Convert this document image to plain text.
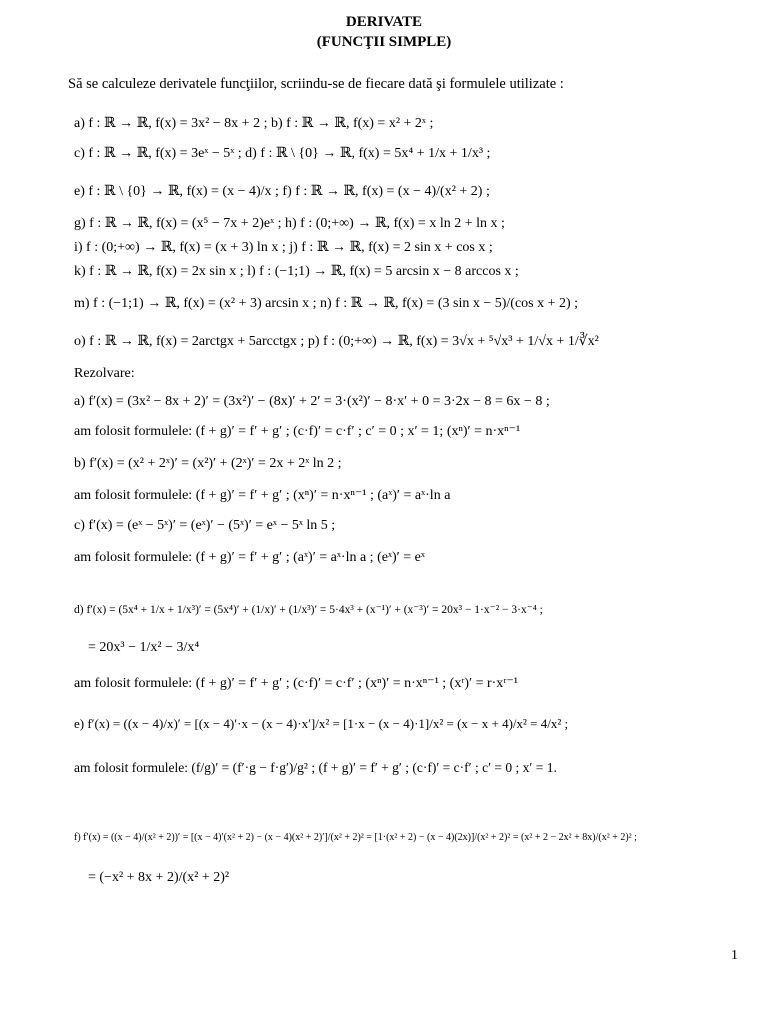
DERIVATE
(FUNCŢII SIMPLE)
Să se calculeze derivatele funcţiilor, scriindu-se de fiecare dată şi formulele utilizate :
a) f : ℝ → ℝ, f(x) = 3x² − 8x + 2 ; b) f : ℝ → ℝ, f(x) = x² + 2ˣ ;
c) f : ℝ → ℝ, f(x) = 3eˣ − 5ˣ ; d) f : ℝ \ {0} → ℝ, f(x) = 5x⁴ + 1/x + 1/x³ ;
e) f : ℝ \ {0} → ℝ, f(x) = (x − 4)/x ; f) f : ℝ → ℝ, f(x) = (x − 4)/(x² + 2) ;
g) f : ℝ → ℝ, f(x) = (x⁵ − 7x + 2)eˣ ; h) f : (0;+∞) → ℝ, f(x) = x ln 2 + ln x ;
i) f : (0;+∞) → ℝ, f(x) = (x + 3) ln x ; j) f : ℝ → ℝ, f(x) = 2 sin x + cos x ;
k) f : ℝ → ℝ, f(x) = 2x sin x ; l) f : (−1;1) → ℝ, f(x) = 5 arcsin x − 8 arccos x ;
m) f : (−1;1) → ℝ, f(x) = (x² + 3) arcsin x ; n) f : ℝ → ℝ, f(x) = (3 sin x − 5)/(cos x + 2) ;
o) f : ℝ → ℝ, f(x) = 2arctgx + 5arcctgx ; p) f : (0;+∞) → ℝ, f(x) = 3√x + ⁵√x³ + 1/√x + 1/∛x²
Rezolvare:
a) f′(x) = (3x² − 8x + 2)′ = (3x²)′ − (8x)′ + 2′ = 3·(x²)′ − 8·x′ + 0 = 3·2x − 8 = 6x − 8 ;
am folosit formulele: (f + g)′ = f′ + g′ ; (c·f)′ = c·f′ ; c′ = 0 ; x′ = 1; (xⁿ)′ = n·xⁿ⁻¹
b) f′(x) = (x² + 2ˣ)′ = (x²)′ + (2ˣ)′ = 2x + 2ˣ ln 2 ;
am folosit formulele: (f + g)′ = f′ + g′ ; (xⁿ)′ = n·xⁿ⁻¹ ; (aˣ)′ = aˣ·ln a
c) f′(x) = (eˣ − 5ˣ)′ = (eˣ)′ − (5ˣ)′ = eˣ − 5ˣ ln 5 ;
am folosit formulele: (f + g)′ = f′ + g′ ; (aˣ)′ = aˣ·ln a ; (eˣ)′ = eˣ
d) f′(x) = (5x⁴ + 1/x + 1/x³)′ = (5x⁴)′ + (1/x)′ + (1/x³)′ = 5·4x³ + (x⁻¹)′ + (x⁻³)′ = 20x³ − 1·x⁻² − 3·x⁻⁴ ;
= 20x³ − 1/x² − 3/x⁴
am folosit formulele: (f + g)′ = f′ + g′ ; (c·f)′ = c·f′ ; (xⁿ)′ = n·xⁿ⁻¹ ; (xʳ)′ = r·xʳ⁻¹
e) f′(x) = ((x − 4)/x)′ = [(x − 4)′·x − (x − 4)·x′]/x² = [1·x − (x − 4)·1]/x² = (x − x + 4)/x² = 4/x² ;
am folosit formulele: (f/g)′ = (f′·g − f·g′)/g² ; (f + g)′ = f′ + g′ ; (c·f)′ = c·f′ ; c′ = 0 ; x′ = 1.
f) f′(x) = ((x − 4)/(x² + 2))′ = [(x − 4)′(x² + 2) − (x − 4)(x² + 2)′]/(x² + 2)² = [1·(x² + 2) − (x − 4)(2x)]/(x² + 2)² = (x² + 2 − 2x² + 8x)/(x² + 2)² ;
= (−x² + 8x + 2)/(x² + 2)²
1
